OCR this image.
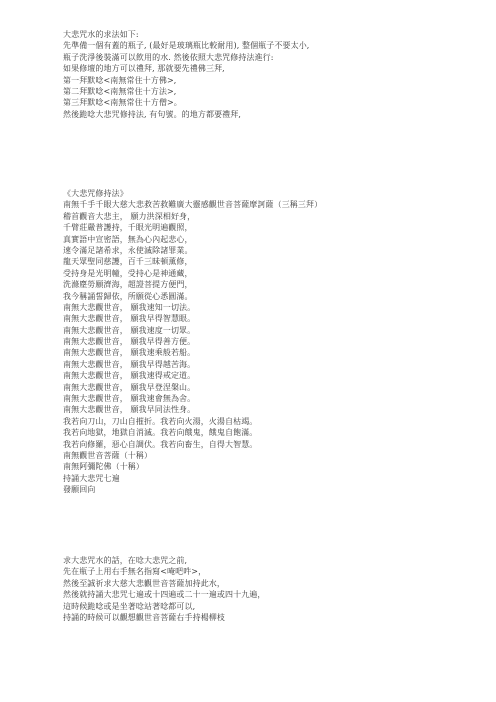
大悲咒水的求法如下:
先準備一個有蓋的瓶子, (最好是玻璃瓶比較耐用), 整個瓶子不要太小,
瓶子洗淨後裝滿可以飲用的水. 然後依照大悲咒修持法進行:
如果修壇的地方可以禮拜, 那就要先禮佛三拜,
第一拜默唸<南無常住十方佛>,
第二拜默唸<南無常住十方法>,
第三拜默唸<南無常住十方僧>。
然後跪唸大悲咒修持法, 有句號。的地方都要禮拜,
《大悲咒修持法》
南無千手千眼大慈大悲救苦救難廣大靈感觀世音菩薩摩訶薩（三稱三拜）
稽首觀音大悲主， 願力洪深相好身，
千臂莊嚴普護持，千眼光明遍觀照，
真實語中宣密語，無為心內起悲心，
速令滿足諸希求，永使滅除諸罪業。
龍天眾聖同慈護，百千三昧頓薰修，
受持身是光明幢，受持心是神通藏，
洗滌塵勞願濟海，超證菩提方便門，
我今稱誦誓歸依，所願從心悉圓滿。
南無大悲觀世音， 願我速知一切法。
南無大悲觀世音， 願我早得智慧眼。
南無大悲觀世音， 願我速度一切眾。
南無大悲觀世音， 願我早得善方便。
南無大悲觀世音， 願我速乘般若船。
南無大悲觀世音， 願我早得越苦海。
南無大悲觀世音， 願我速得戒定道。
南無大悲觀世音， 願我早登涅槃山。
南無大悲觀世音， 願我速會無為舍。
南無大悲觀世音， 願我早同法性身。
我若向刀山，刀山自摧折。我若向火湯，火湯自枯竭。
我若向地獄，地獄自消滅。我若向餓鬼，餓鬼自飽滿。
我若向修羅，惡心自調伏。我若向畜生，自得大智慧。
南無觀世音菩薩（十稱）
南無阿彌陀佛（十稱）
持誦大悲咒七遍
發願回向
求大悲咒水的話，在唸大悲咒之前,
先在瓶子上用右手無名指寫<唵吧吽>，
然後至誠祈求大慈大悲觀世音菩薩加持此水，
然後就持誦大悲咒七遍或十四遍或二十一遍或四十九遍，
這時候跪唸或是坐著唸站著唸都可以,
持誦的時候可以觀想觀世音菩薩右手持楊柳枝
